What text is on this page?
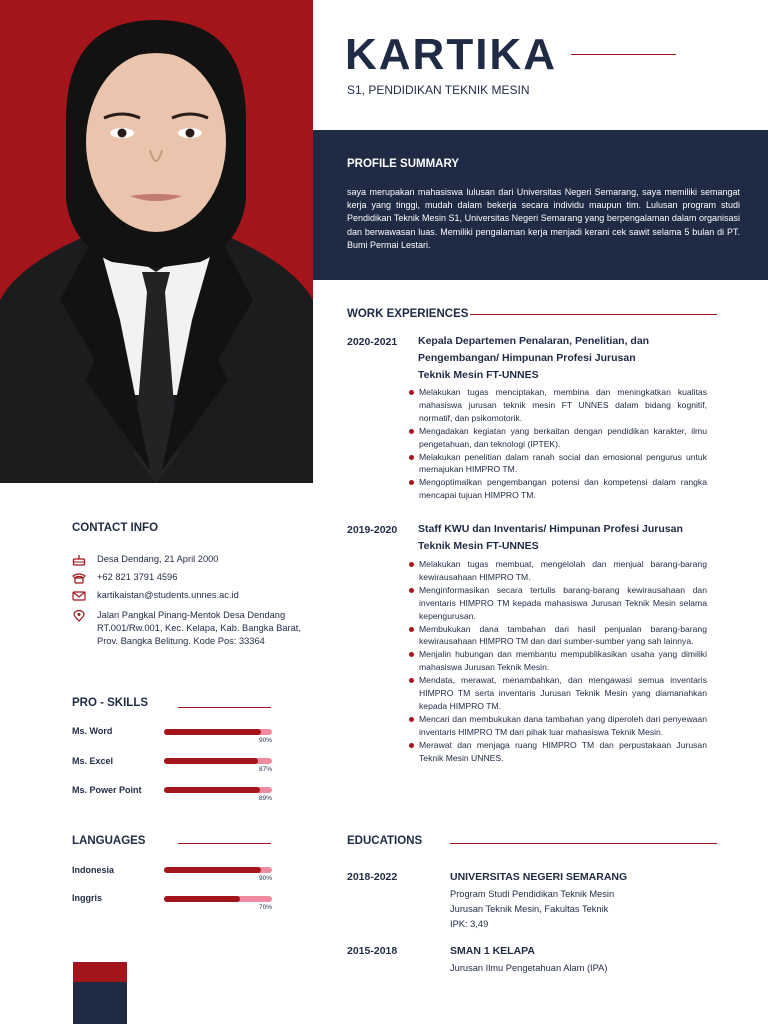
KARTIKA
S1, PENDIDIKAN TEKNIK MESIN
PROFILE SUMMARY
saya merupakan mahasiswa lulusan dari Universitas Negeri Semarang, saya memiliki semangat kerja yang tinggi, mudah dalam bekerja secara individu maupun tim. Lulusan program studi Pendidikan Teknik Mesin S1, Universitas Negeri Semarang yang berpengalaman dalam organisasi dan berwawasan luas. Memiliki pengalaman kerja menjadi kerani cek sawit selama 5 bulan di PT. Bumi Permai Lestari.
WORK EXPERIENCES
2020-2021 Kepala Departemen Penalaran, Penelitian, dan
Pengembangan/ Himpunan Profesi Jurusan
Teknik Mesin FT-UNNES
Melakukan tugas menciptakan, membina dan meningkatkan kualitas mahasiswa jurusan teknik mesin FT UNNES dalam bidang kognitif, normatif, dan psikomotorik.
Mengadakan kegiatan yang berkaitan dengan pendidikan karakter, ilmu pengetahuan, dan teknologi (IPTEK).
Melakukan penelitian dalam ranah social dan emosional pengurus untuk memajukan HIMPRO TM.
Mengoptimalkan pengembangan potensi dan kompetensi dalam rangka mencapai tujuan HIMPRO TM.
2019-2020 Staff KWU dan Inventaris/ Himpunan Profesi Jurusan
Teknik Mesin FT-UNNES
Melakukan tugas membuat, mengelolah dan menjual barang-barang kewirausahaan HIMPRO TM.
Menginformasikan secara tertulis barang-barang kewirausahaan dan inventaris HIMPRO TM kepada mahasiswa Jurusan Teknik Mesin selama kepengurusan.
Membukukan dana tambahan dari hasil penjualan barang-barang kewirausahaan HIMPRO TM dan dari sumber-sumber yang sah lainnya.
Menjalin hubungan dan membantu mempublikasikan usaha yang dimiliki mahasiswa Jurusan Teknik Mesin.
Mendata, merawat, menambahkan, dan mengawasi semua inventaris HIMPRO TM serta inventaris Jurusan Teknik Mesin yang diamanahkan kepada HIMPRO TM.
Mencari dan membukukan dana tambahan yang diperoleh dari penyewaan inventaris HIMPRO TM dari pihak luar mahasiswa Teknik Mesin.
Merawat dan menjaga ruang HIMPRO TM dan perpustakaan Jurusan Teknik Mesin UNNES.
CONTACT INFO
Desa Dendang, 21 April 2000
+62 821 3791 4596
kartikaistan@students.unnes.ac.id
Jalan Pangkal Pinang-Mentok Desa Dendang
RT.001/Rw.001, Kec. Kelapa, Kab. Bangka Barat,
Prov. Bangka Belitung. Kode Pos: 33364
PRO - SKILLS
Ms. Word
90%
Ms. Excel
87%
Ms. Power Point
89%
LANGUAGES
Indonesia
90%
Inggris
70%
EDUCATIONS
2018-2022	UNIVERSITAS NEGERI SEMARANG
Program Studi Pendidikan Teknik Mesin
Jurusan Teknik Mesin, Fakultas Teknik
IPK: 3,49
2015-2018	SMAN 1 KELAPA
Jurusan Ilmu Pengetahuan Alam (IPA)
